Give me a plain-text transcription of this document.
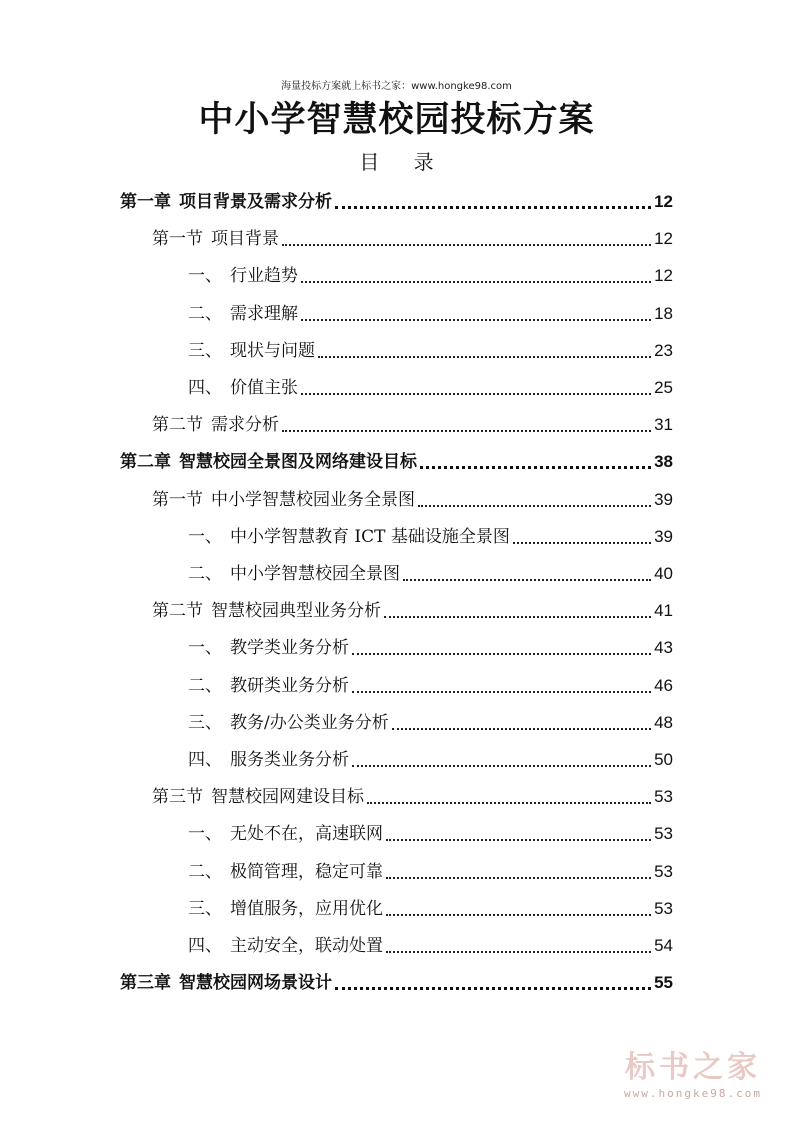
海量投标方案就上标书之家：www.hongke98.com
中小学智慧校园投标方案
目 录
第一章 项目背景及需求分析	12
第一节 项目背景	12
一、 行业趋势	12
二、 需求理解	18
三、 现状与问题	23
四、 价值主张	25
第二节 需求分析	31
第二章 智慧校园全景图及网络建设目标	38
第一节 中小学智慧校园业务全景图	39
一、 中小学智慧教育 ICT 基础设施全景图	39
二、 中小学智慧校园全景图	40
第二节 智慧校园典型业务分析	41
一、 教学类业务分析	43
二、 教研类业务分析	46
三、 教务/办公类业务分析	48
四、 服务类业务分析	50
第三节 智慧校园网建设目标	53
一、 无处不在，高速联网	53
二、 极简管理，稳定可靠	53
三、 增值服务，应用优化	53
四、 主动安全，联动处置	54
第三章 智慧校园网场景设计	55
标书之家
www.hongke98.com
